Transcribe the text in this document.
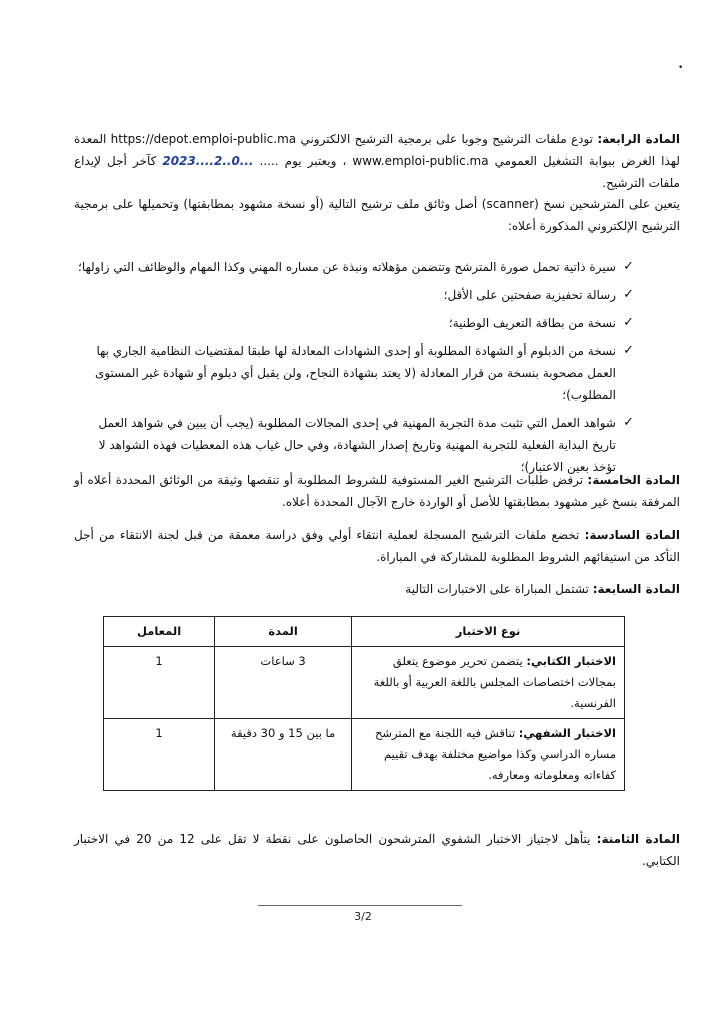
•

المادة الرابعة: تودع ملفات الترشيح وجوبا على برمجية الترشيح الالكتروني https://depot.emploi-public.ma المعدة لهذا الغرض ببوابة التشغيل العمومي www.emploi-public.ma ، ويعتبر يوم ..... 2023....2..0... كآخر أجل لإيداع ملفات الترشيح.

يتعين على المترشحين نسخ (scanner) أصل وثائق ملف ترشيح التالية (أو نسخة مشهود بمطابقتها) وتحميلها على برمجية الترشيح الإلكتروني المذكورة أعلاه:

✓
سيرة ذاتية تحمل صورة المترشح وتتضمن مؤهلاته ونبذة عن مساره المهني وكذا المهام والوظائف التي زاولها؛
✓
رسالة تحفيزية صفحتين على الأقل؛
✓
نسخة من بطاقة التعريف الوطنية؛
✓
نسخة من الدبلوم أو الشهادة المطلوبة أو إحدى الشهادات المعادلة لها طبقا لمقتضيات النظامية الجاري بها العمل مصحوبة بنسخة من قرار المعادلة (لا يعتد بشهادة النجاح، ولن يقبل أي دبلوم أو شهادة غير المستوى المطلوب)؛
✓
شواهد العمل التي تثبت مدة التجربة المهنية في إحدى المجالات المطلوبة (يجب أن يبين في شواهد العمل تاريخ البداية الفعلية للتجربة المهنية وتاريخ إصدار الشهادة، وفي حال غياب هذه المعطيات فهذه الشواهد لا تؤخذ بعين الاعتبار)؛

المادة الخامسة: ترفض طلبات الترشيح الغير المستوفية للشروط المطلوبة أو تنقصها وثيقة من الوثائق المحددة أعلاه أو المرفقة بنسخ غير مشهود بمطابقتها للأصل أو الواردة خارج الآجال المحددة أعلاه.

المادة السادسة: تخضع ملفات الترشيح المسجلة لعملية انتقاء أولي وفق دراسة معمقة من قبل لجنة الانتقاء من أجل التأكد من استيفائهم الشروط المطلوبة للمشاركة في المباراة.

المادة السابعة: تشتمل المباراة على الاختبارات التالية

نوع الاختبار	المدة	المعامل
الاختبار الكتابي: يتضمن تحرير موضوع يتعلق بمجالات اختصاصات المجلس باللغة العربية أو باللغة الفرنسية.	3 ساعات	1
الاختبار الشفهي: تناقش فيه اللجنة مع المترشح مساره الدراسي وكذا مواضيع مختلفة بهدف تقييم كفاءاته ومعلوماته ومعارفه.	ما بين 15 و 30 دقيقة	1

المادة الثامنة: يتأهل لاجتياز الاختبار الشفوي المترشحون الحاصلون على نقطة لا تقل على 12 من 20 في الاختبار الكتابي.

3/2
